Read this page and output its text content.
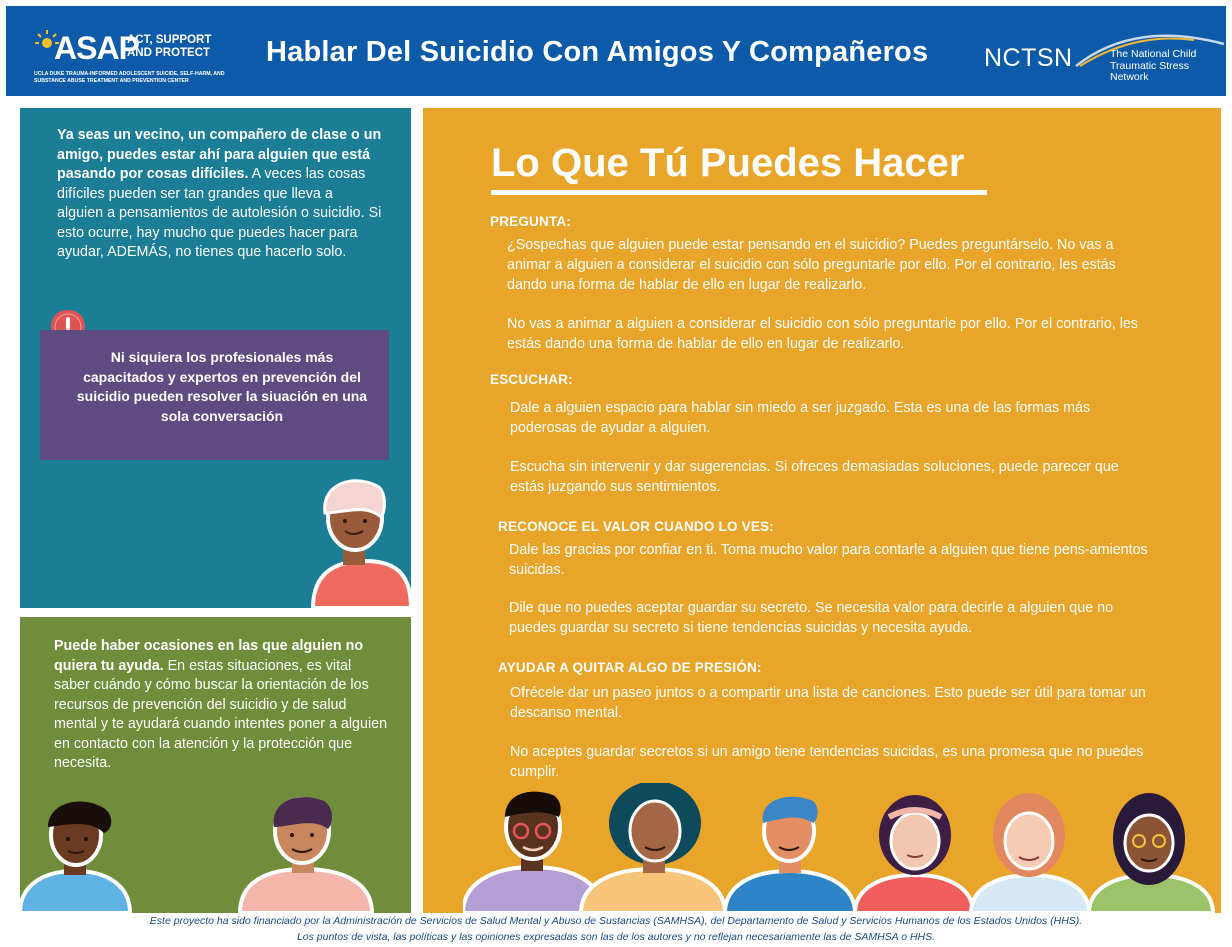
ASAP
ACT, SUPPORT AND PROTECT
UCLA DUKE TRAUMA-INFORMED ADOLESCENT SUICIDE, SELF-HARM, AND SUBSTANCE ABUSE TREATMENT AND PREVENTION CENTER
Hablar Del Suicidio Con Amigos Y Compañeros NCTSN	The National Child
Traumatic Stress Network

Ya seas un vecino, un compañero de clase o un amigo, puedes estar ahí para alguien que está pasando por cosas difíciles. A veces las cosas difíciles pueden ser tan grandes que lleva a alguien a pensamientos de autolesión o suicidio. Si esto ocurre, hay mucho que puedes hacer para ayudar, ADEMÁS, no tienes que hacerlo solo.

Ni siquiera los profesionales más capacitados y expertos en prevención del suicidio pueden resolver la siuación en una sola conversación

Puede haber ocasiones en las que alguien no quiera tu ayuda. En estas situaciones, es vital saber cuándo y cómo buscar la orientación de los recursos de prevención del suicidio y de salud mental y te ayudará cuando intentes poner a alguien en contacto con la atención y la protección que necesita.

Lo Que Tú Puedes Hacer
PREGUNTA:

¿Sospechas que alguien puede estar pensando en el suicidio? Puedes preguntárselo. No vas a animar a alguien a considerar el suicidio con sólo preguntarle por ello. Por el contrario, les estás dando una forma de hablar de ello en lugar de realizarlo.

No vas a animar a alguien a considerar el suicidio con sólo preguntarle por ello. Por el contrario, les estás dando una forma de hablar de ello en lugar de realizarlo.

ESCUCHAR:

Dale a alguien espacio para hablar sin miedo a ser juzgado. Esta es una de las formas más poderosas de ayudar a alguien.

Escucha sin intervenir y dar sugerencias. Si ofreces demasiadas soluciones, puede parecer que estás juzgando sus sentimientos.

RECONOCE EL VALOR CUANDO LO VES:

Dale las gracias por confiar en ti. Toma mucho valor para contarle a alguien que tiene pens-amientos suicidas.

Dile que no puedes aceptar guardar su secreto. Se necesita valor para decirle a alguien que no puedes guardar su secreto si tiene tendencias suicidas y necesita ayuda.

AYUDAR A QUITAR ALGO DE PRESIÓN:

Ofrécele dar un paseo juntos o a compartir una lista de canciones. Esto puede ser útil para tomar un descanso mental.

No aceptes guardar secretos si un amigo tiene tendencias suicidas, es una promesa que no puedes cumplir.

Este proyecto ha sido financiado por la Administración de Servicios de Salud Mental y Abuso de Sustancias (SAMHSA), del Departamento de Salud y Servicios Humanos de los Estados Unidos (HHS).
Los puntos de vista, las políticas y las opiniones expresadas son las de los autores y no reflejan necesariamente las de SAMHSA o HHS.
